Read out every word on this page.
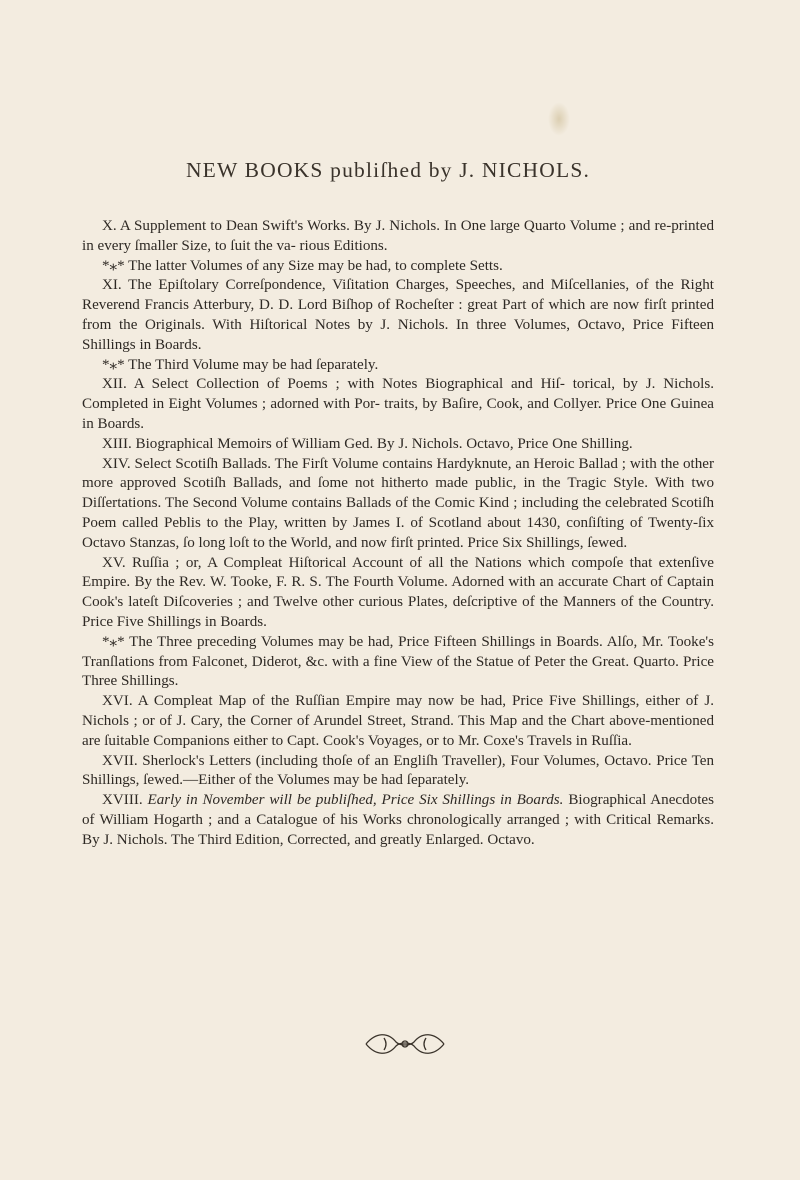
NEW BOOKS publiſhed by J. NICHOLS.

X. A Supplement to Dean Swift's Works. By J. Nichols. In One large Quarto Volume ; and re-printed in every ſmaller Size, to ſuit the va- rious Editions.

*⁎* The latter Volumes of any Size may be had, to complete Setts.

XI. The Epiſtolary Correſpondence, Viſitation Charges, Speeches, and Miſcellanies, of the Right Reverend Francis Atterbury, D. D. Lord Biſhop of Rocheſter : great Part of which are now firſt printed from the Originals. With Hiſtorical Notes by J. Nichols. In three Volumes, Octavo, Price Fifteen Shillings in Boards.

*⁎* The Third Volume may be had ſeparately.

XII. A Select Collection of Poems ; with Notes Biographical and Hiſ- torical, by J. Nichols. Completed in Eight Volumes ; adorned with Por- traits, by Baſire, Cook, and Collyer. Price One Guinea in Boards.

XIII. Biographical Memoirs of William Ged. By J. Nichols. Octavo, Price One Shilling.

XIV. Select Scotiſh Ballads. The Firſt Volume contains Hardyknute, an Heroic Ballad ; with the other more approved Scotiſh Ballads, and ſome not hitherto made public, in the Tragic Style. With two Diſſertations. The Second Volume contains Ballads of the Comic Kind ; including the celebrated Scotiſh Poem called Peblis to the Play, written by James I. of Scotland about 1430, conſiſting of Twenty-ſix Octavo Stanzas, ſo long loſt to the World, and now firſt printed. Price Six Shillings, ſewed.

XV. Ruſſia ; or, A Compleat Hiſtorical Account of all the Nations which compoſe that extenſive Empire. By the Rev. W. Tooke, F. R. S. The Fourth Volume. Adorned with an accurate Chart of Captain Cook's lateſt Diſcoveries ; and Twelve other curious Plates, deſcriptive of the Manners of the Country. Price Five Shillings in Boards.

*⁎* The Three preceding Volumes may be had, Price Fifteen Shillings in Boards. Alſo, Mr. Tooke's Tranſlations from Falconet, Diderot, &c. with a fine View of the Statue of Peter the Great. Quarto. Price Three Shillings.

XVI. A Compleat Map of the Ruſſian Empire may now be had, Price Five Shillings, either of J. Nichols ; or of J. Cary, the Corner of Arundel Street, Strand. This Map and the Chart above-mentioned are ſuitable Companions either to Capt. Cook's Voyages, or to Mr. Coxe's Travels in Ruſſia.

XVII. Sherlock's Letters (including thoſe of an Engliſh Traveller), Four Volumes, Octavo. Price Ten Shillings, ſewed.—Either of the Volumes may be had ſeparately.

XVIII. Early in November will be publiſhed, Price Six Shillings in Boards. Biographical Anecdotes of William Hogarth ; and a Catalogue of his Works chronologically arranged ; with Critical Remarks. By J. Nichols. The Third Edition, Corrected, and greatly Enlarged. Octavo.
